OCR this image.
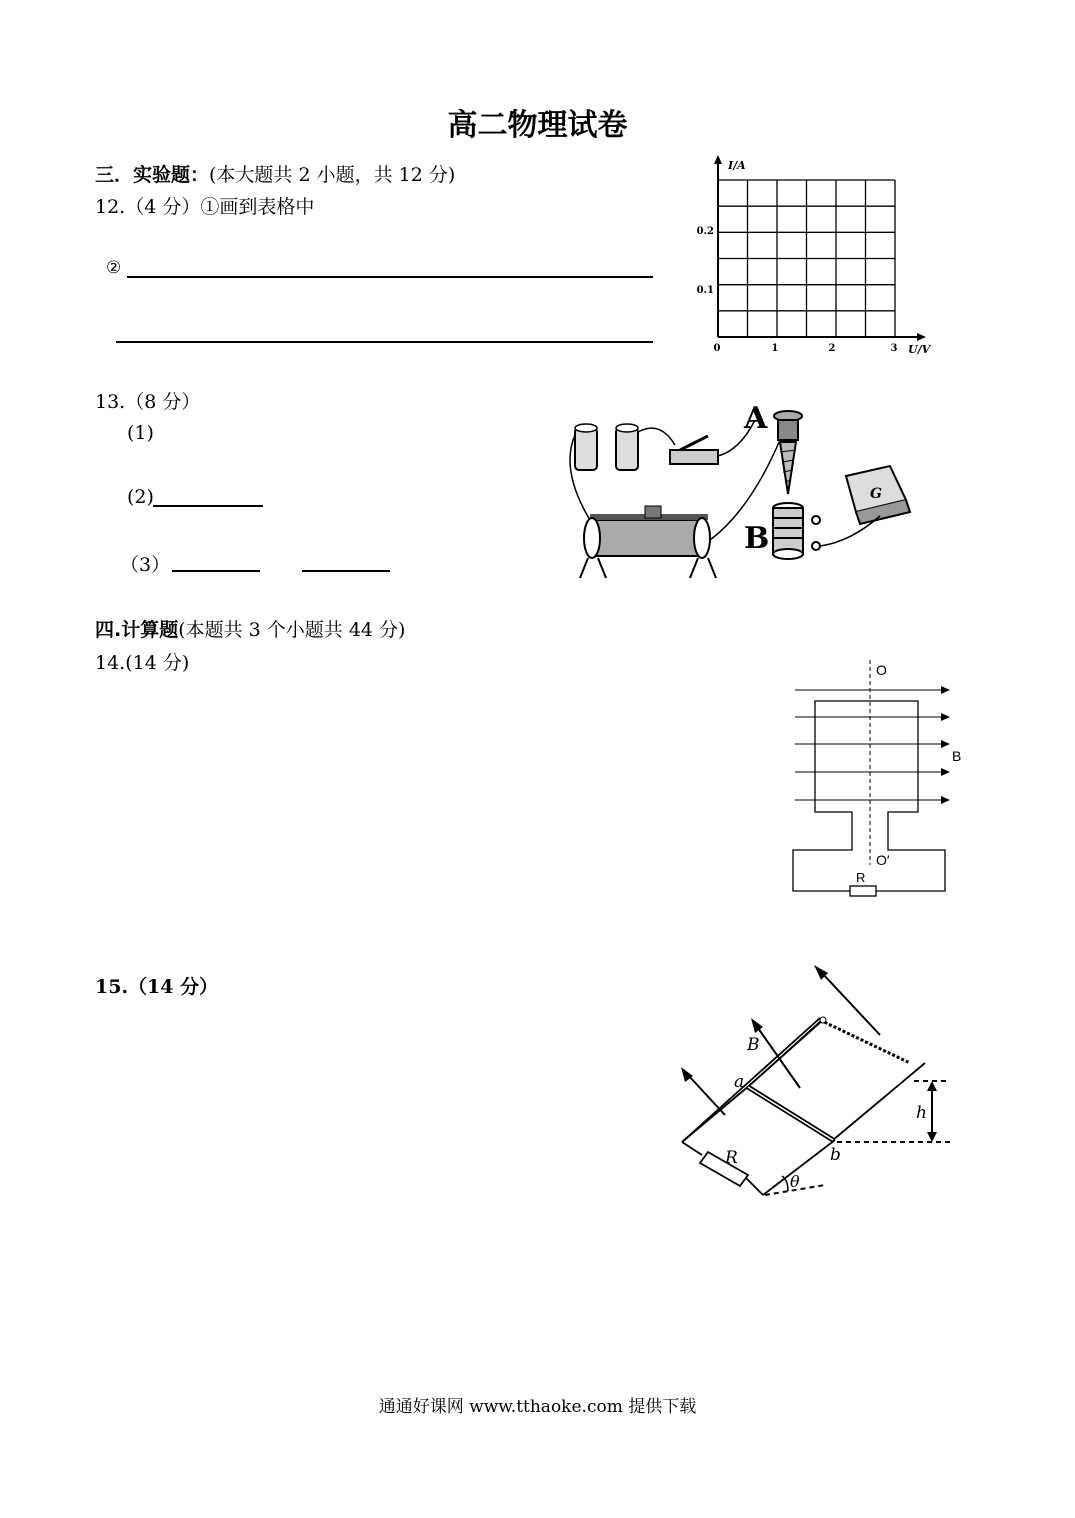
高二物理试卷
三．实验题：(本大题共 2 小题，共 12 分)
12.（4 分）①画到表格中
②
I/A
U/V
0.2
0.1
0	1	2	3
13.（8 分）
(1)
(2)
（3）
A
B
G
四.计算题(本题共 3 个小题共 44 分)
14.(14 分)	O
R
O′
B
15.（14 分）
R
a
b
h
θ
B
通通好课网 www.tthaoke.com 提供下载
